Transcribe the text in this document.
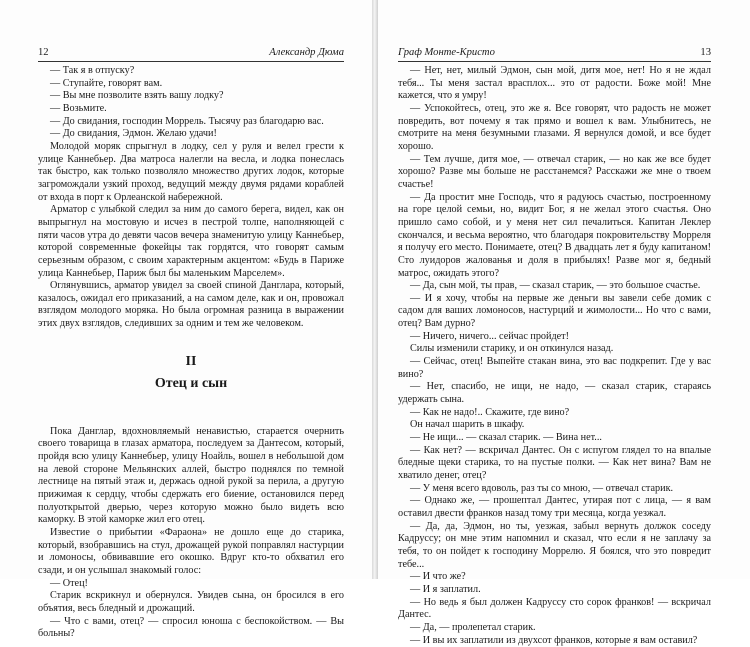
12	Александр Дюма

— Так я в отпуску?

— Ступайте, говорят вам.

— Вы мне позволите взять вашу лодку?

— Возьмите.

— До свидания, господин Моррель. Тысячу раз благодарю вас.

— До свидания, Эдмон. Желаю удачи!

Молодой моряк спрыгнул в лодку, сел у руля и велел грести к улице Каннебьер. Два матроса налегли на весла, и лодка понеслась так быстро, как только позволяло множество других лодок, которые загромождали узкий проход, ведущий между двумя рядами кораблей от входа в порт к Орлеанской набережной.

Арматор с улыбкой следил за ним до самого берега, видел, как он выпрыгнул на мостовую и исчез в пестрой толпе, наполняющей с пяти часов утра до девяти часов вечера знаменитую улицу Каннебьер, которой современные фокейцы так гордятся, что говорят самым серьезным образом, с своим характерным акцентом: «Будь в Париже улица Каннебьер, Париж был бы маленьким Марселем».

Оглянувшись, арматор увидел за своей спиной Данглара, который, казалось, ожидал его приказаний, а на самом деле, как и он, провожал взглядом молодого моряка. Но была огромная разница в выражении этих двух взглядов, следивших за одним и тем же человеком.

II
Отец и сын

Пока Данглар, вдохновляемый ненавистью, старается очернить своего товарища в глазах арматора, последуем за Дантесом, который, пройдя всю улицу Каннебьер, улицу Ноайль, вошел в небольшой дом на левой стороне Мельянских аллей, быстро поднялся по темной лестнице на пятый этаж и, держась одной рукой за перила, а другую прижимая к сердцу, чтобы сдержать его биение, остановился перед полуоткрытой дверью, через которую можно было видеть всю каморку. В этой каморке жил его отец.

Известие о прибытии «Фараона» не дошло еще до старика, который, взобравшись на стул, дрожащей рукой поправлял настурции и ломоносы, обвивавшие его окошко. Вдруг кто-то обхватил его сзади, и он услышал знакомый голос:

— Отец!

Старик вскрикнул и обернулся. Увидев сына, он бросился в его объятия, весь бледный и дрожащий.

— Что с вами, отец? — спросил юноша с беспокойством. — Вы больны?

Граф Монте-Кристо	13

— Нет, нет, милый Эдмон, сын мой, дитя мое, нет! Но я не ждал тебя... Ты меня застал врасплох... это от радости. Боже мой! Мне кажется, что я умру!

— Успокойтесь, отец, это же я. Все говорят, что радость не может повредить, вот почему я так прямо и вошел к вам. Улыбнитесь, не смотрите на меня безумными глазами. Я вернулся домой, и все будет хорошо.

— Тем лучше, дитя мое, — отвечал старик, — но как же все будет хорошо? Разве мы больше не расстанемся? Расскажи же мне о твоем счастье!

— Да простит мне Господь, что я радуюсь счастью, построенному на горе целой семьи, но, видит Бог, я не желал этого счастья. Оно пришло само собой, и у меня нет сил печалиться. Капитан Леклер скончался, и весьма вероятно, что благодаря покровительству Морреля я получу его место. Понимаете, отец? В двадцать лет я буду капитаном! Сто луидоров жалованья и доля в прибылях! Разве мог я, бедный матрос, ожидать этого?

— Да, сын мой, ты прав, — сказал старик, — это большое счастье.

— И я хочу, чтобы на первые же деньги вы завели себе домик с садом для ваших ломоносов, настурций и жимолости... Но что с вами, отец? Вам дурно?

— Ничего, ничего... сейчас пройдет!

Силы изменили старику, и он откинулся назад.

— Сейчас, отец! Выпейте стакан вина, это вас подкрепит. Где у вас вино?

— Нет, спасибо, не ищи, не надо, — сказал старик, стараясь удержать сына.

— Как не надо!.. Скажите, где вино?

Он начал шарить в шкафу.

— Не ищи... — сказал старик. — Вина нет...

— Как нет? — вскричал Дантес. Он с испугом глядел то на впалые бледные щеки старика, то на пустые полки. — Как нет вина? Вам не хватило денег, отец?

— У меня всего вдоволь, раз ты со мною, — отвечал старик.

— Однако же, — прошептал Дантес, утирая пот с лица, — я вам оставил двести франков назад тому три месяца, когда уезжал.

— Да, да, Эдмон, но ты, уезжая, забыл вернуть должок соседу Кадруссу; он мне этим напомнил и сказал, что если я не заплачу за тебя, то он пойдет к господину Моррелю. Я боялся, что это повредит тебе...

— И что же?

— И я заплатил.

— Но ведь я был должен Кадруссу сто сорок франков! — вскричал Дантес.

— Да, — пролепетал старик.

— И вы их заплатили из двухсот франков, которые я вам оставил?
